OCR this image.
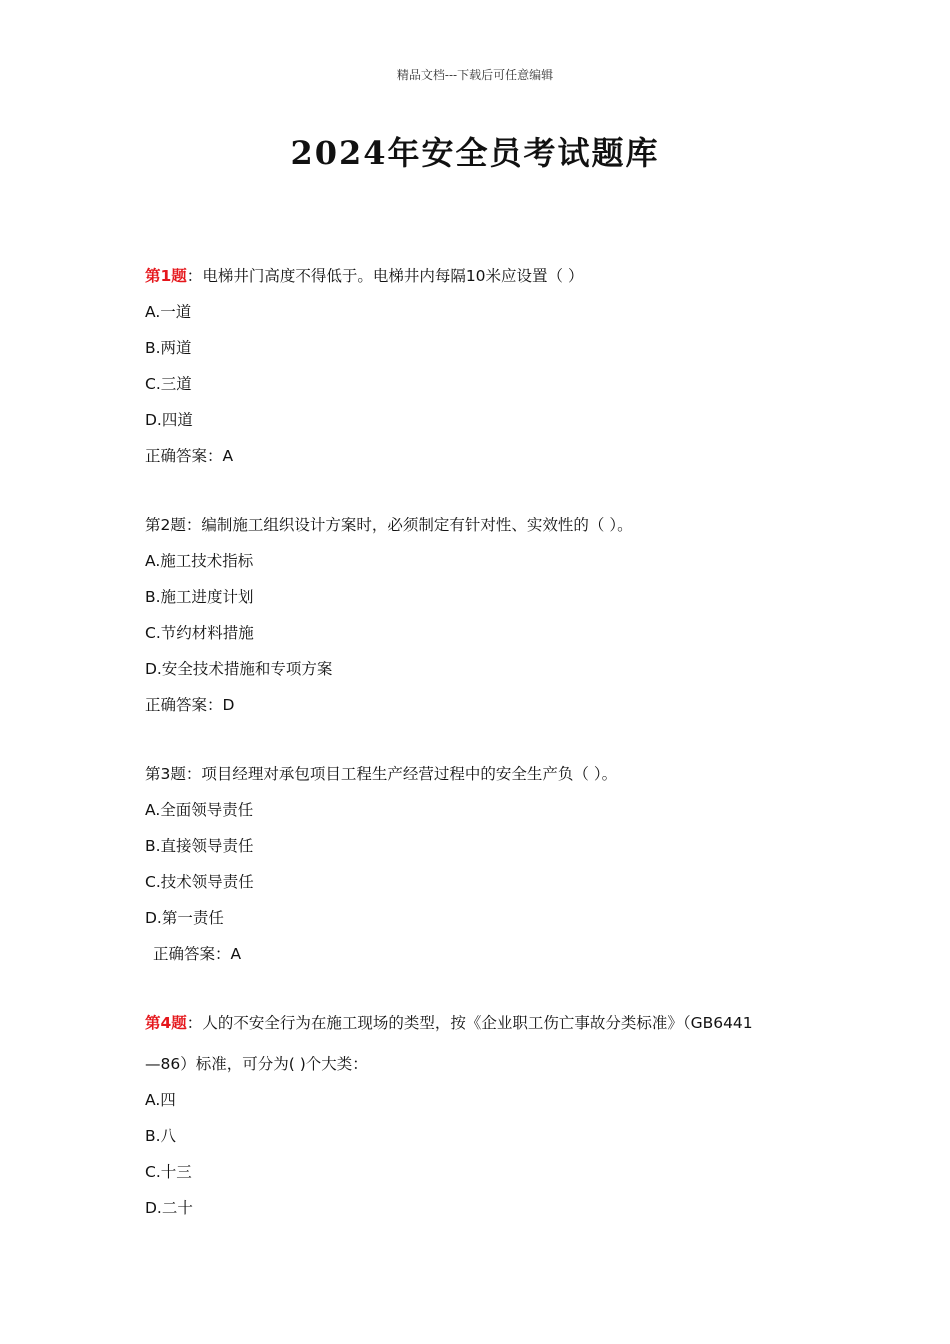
精品文档---下载后可任意编辑
2024年安全员考试题库
第1题：电梯井门高度不得低于。电梯井内每隔10米应设置（ ）
A.一道
B.两道
C.三道
D.四道
正确答案：A
第2题：编制施工组织设计方案时，必须制定有针对性、实效性的（ ）。
A.施工技术指标
B.施工进度计划
C.节约材料措施
D.安全技术措施和专项方案
正确答案：D
第3题：项目经理对承包项目工程生产经营过程中的安全生产负（ ）。
A.全面领导责任
B.直接领导责任
C.技术领导责任
D.第一责任
正确答案：A
第4题：人的不安全行为在施工现场的类型，按《企业职工伤亡事故分类标准》（GB6441
—86）标准，可分为( )个大类：
A.四
B.八
C.十三
D.二十
